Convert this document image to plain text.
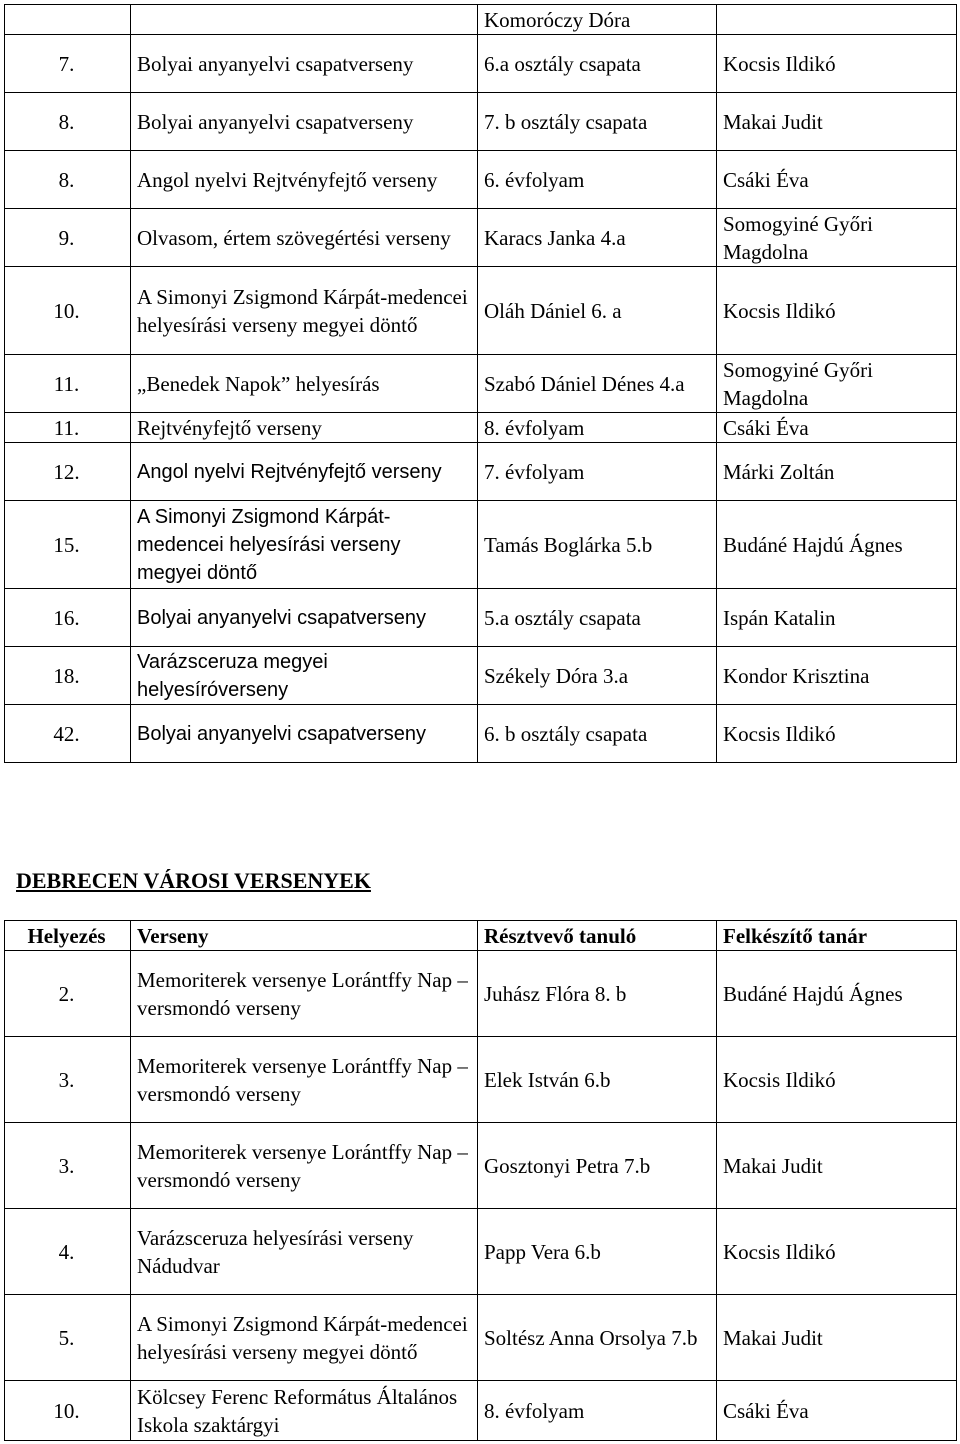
		Komoróczy Dóra	
7.	Bolyai anyanyelvi csapatverseny	6.a osztály csapata	Kocsis Ildikó
8.	Bolyai anyanyelvi csapatverseny	7. b osztály csapata	Makai Judit
8.	Angol nyelvi Rejtvényfejtő verseny	6. évfolyam	Csáki Éva
9.	Olvasom, értem szövegértési verseny	Karacs Janka 4.a	Somogyiné Győri Magdolna
10.	A Simonyi Zsigmond Kárpát-medencei helyesírási verseny megyei döntő	Oláh Dániel 6. a	Kocsis Ildikó
11.	„Benedek Napok” helyesírás	Szabó Dániel Dénes 4.a	Somogyiné Győri Magdolna
11.	Rejtvényfejtő verseny	8. évfolyam	Csáki Éva
12.	Angol nyelvi Rejtvényfejtő verseny	7. évfolyam	Márki Zoltán
15.	A Simonyi Zsigmond Kárpát-medencei helyesírási verseny megyei döntő	Tamás Boglárka 5.b	Budáné Hajdú Ágnes
16.	Bolyai anyanyelvi csapatverseny	5.a osztály csapata	Ispán Katalin
18.	Varázsceruza megyei helyesíróverseny	Székely Dóra 3.a	Kondor Krisztina
42.	Bolyai anyanyelvi csapatverseny	6. b osztály csapata	Kocsis Ildikó
DEBRECEN VÁROSI VERSENYEK
Helyezés	Verseny	Résztvevő tanuló	Felkészítő tanár
2.	Memoriterek versenye Lorántffy Nap –versmondó verseny	Juhász Flóra 8. b	Budáné Hajdú Ágnes
3.	Memoriterek versenye Lorántffy Nap – versmondó verseny	Elek István 6.b	Kocsis Ildikó
3.	Memoriterek versenye Lorántffy Nap – versmondó verseny	Gosztonyi Petra 7.b	Makai Judit
4.	Varázsceruza helyesírási verseny Nádudvar	Papp Vera 6.b	Kocsis Ildikó
5.	A Simonyi Zsigmond Kárpát-medencei helyesírási verseny megyei döntő	Soltész Anna Orsolya 7.b	Makai Judit
10.	Kölcsey Ferenc Református Általános Iskola szaktárgyi	8. évfolyam	Csáki Éva
